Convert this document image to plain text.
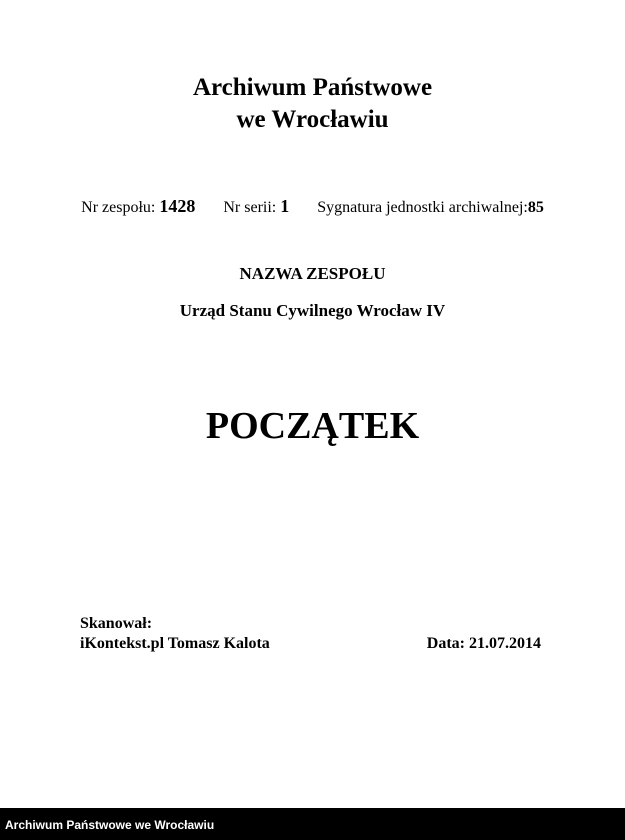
Archiwum Państwowe
we Wrocławiu
Nr zespołu: 1428 Nr serii: 1 Sygnatura jednostki archiwalnej:85
NAZWA ZESPOŁU
Urząd Stanu Cywilnego Wrocław IV
POCZĄTEK
Skanował:
iKontekst.pl Tomasz Kalota	Data: 21.07.2014
Archiwum Państwowe we Wrocławiu
